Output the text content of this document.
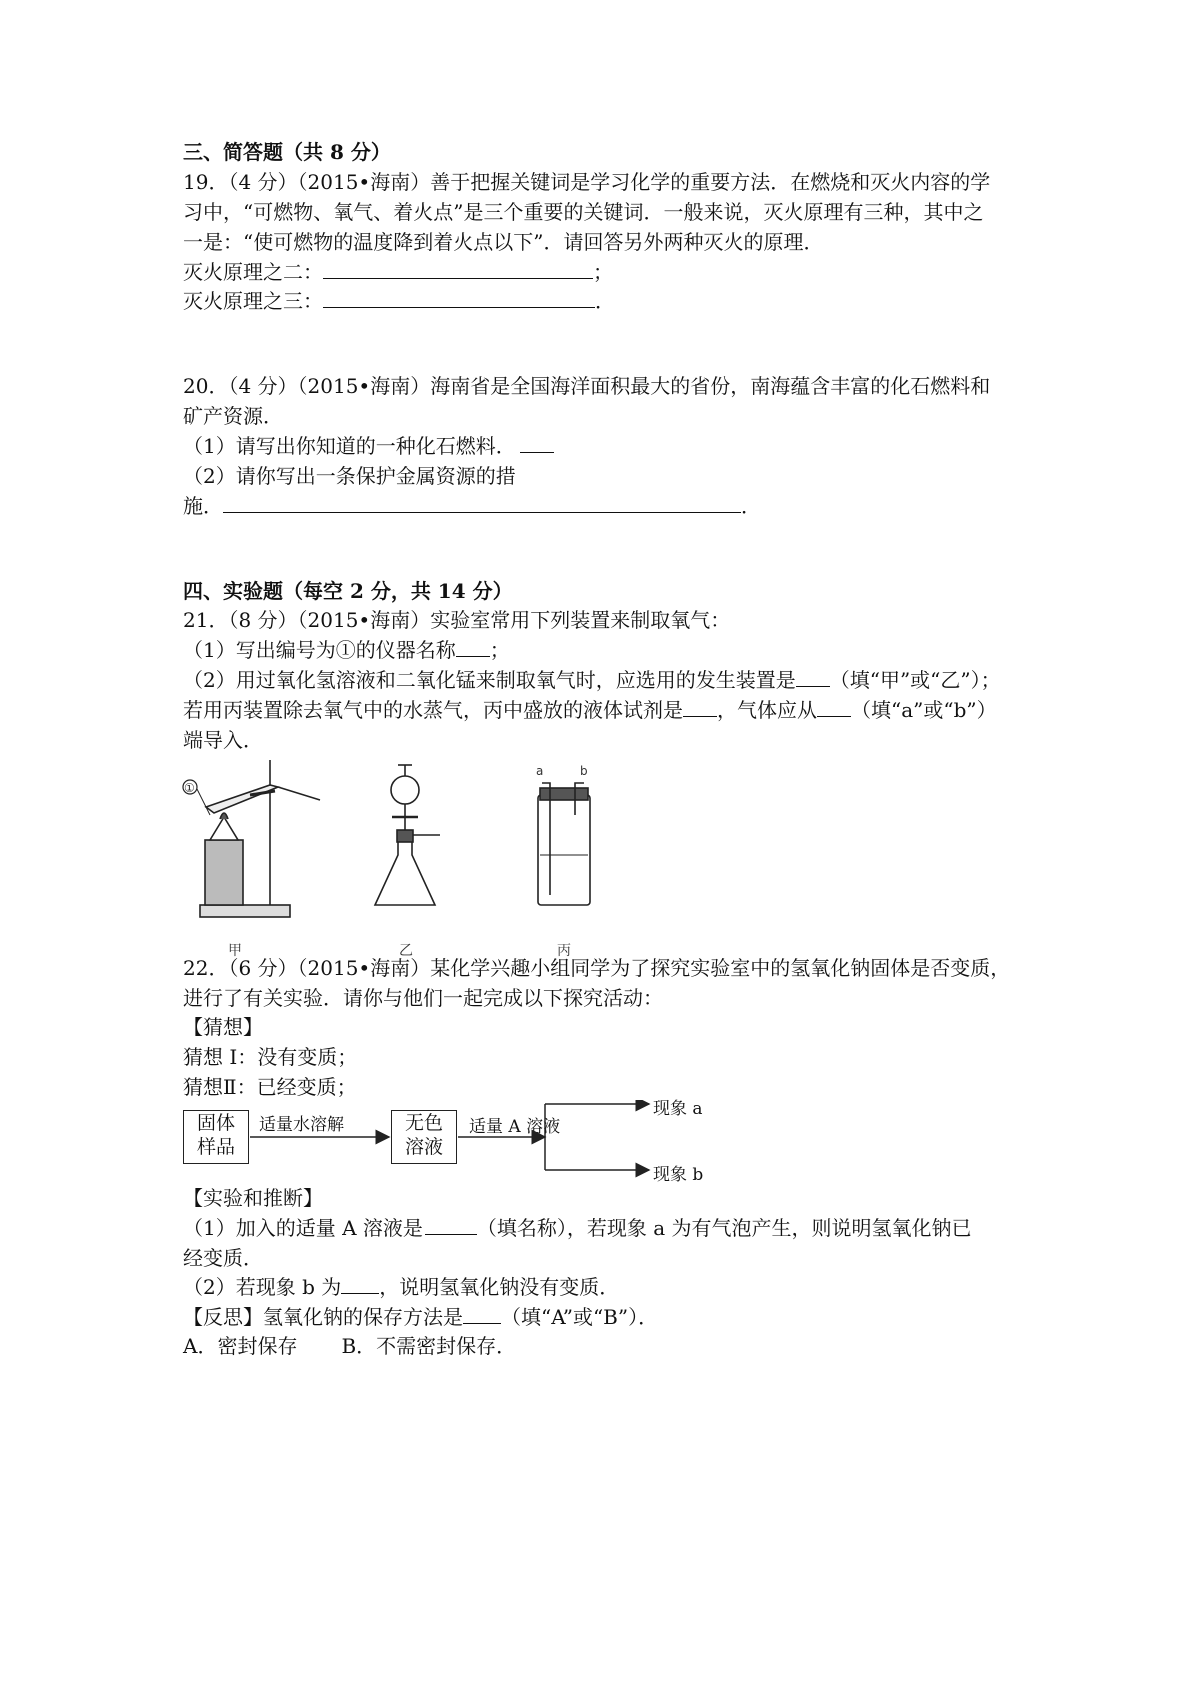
三、简答题（共 8 分）
19．（4 分）（2015•海南）善于把握关键词是学习化学的重要方法．在燃烧和灭火内容的学
习中，“可燃物、氧气、着火点”是三个重要的关键词．一般来说，灭火原理有三种，其中之
一是：“使可燃物的温度降到着火点以下”．请回答另外两种灭火的原理．
灭火原理之二：	；
灭火原理之三：	．
20．（4 分）（2015•海南）海南省是全国海洋面积最大的省份，南海蕴含丰富的化石燃料和
矿产资源．
（1）请写出你知道的一种化石燃料．
（2）请你写出一条保护金属资源的措
施．	．
四、实验题（每空 2 分，共 14 分）
21．（8 分）（2015•海南）实验室常用下列装置来制取氧气：
（1）写出编号为①的仪器名称 ；
（2）用过氧化氢溶液和二氧化锰来制取氧气时，应选用的发生装置是 （填“甲”或“乙”）；
若用丙装置除去氧气中的水蒸气，丙中盛放的液体试剂是 ，气体应从 （填“a”或“b”）
端导入．
①
甲	乙
a	b
丙
22．（6 分）（2015•海南）某化学兴趣小组同学为了探究实验室中的氢氧化钠固体是否变质，
进行了有关实验．请你与他们一起完成以下探究活动：
【猜想】
猜想 I：没有变质；
猜想Ⅱ：已经变质；
固体
样品
适量水溶解	无色
溶液
适量 A 溶液
现象 a
现象 b
【实验和推断】
（1）加入的适量 A 溶液是	（填名称），若现象 a 为有气泡产生，则说明氢氧化钠已
经变质．
（2）若现象 b 为 ，说明氢氧化钠没有变质．
【反思】氢氧化钠的保存方法是 （填“A”或“B”）．
A．密封保存 B．不需密封保存．
